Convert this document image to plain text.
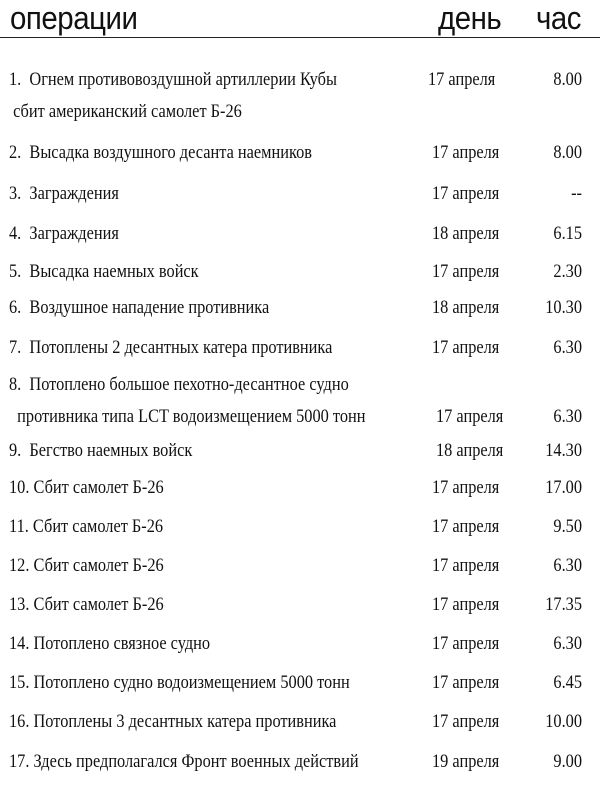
операции	день час
1.  Огнем противовоздушной артиллерии Кубы
сбит американский самолет Б-26
17 апреля	8.00
2.  Высадка воздушного десанта наемников	17 апреля	8.00
3.  Заграждения	17 апреля	--
4.  Заграждения	18 апреля	6.15
5.  Высадка наемных войск	17 апреля	2.30
6.  Воздушное нападение противника	18 апреля	10.30
7.  Потоплены 2 десантных катера противника	17 апреля	6.30
8.  Потоплено большое пехотно-десантное судно
противника типа LCT водоизмещением 5000 тонн	17 апреля	6.30
9.  Бегство наемных войск	18 апреля	14.30
10. Сбит самолет Б-26	17 апреля	17.00
11. Сбит самолет Б-26	17 апреля	9.50
12. Сбит самолет Б-26	17 апреля	6.30
13. Сбит самолет Б-26	17 апреля	17.35
14. Потоплено связное судно	17 апреля	6.30
15. Потоплено судно водоизмещением 5000 тонн	17 апреля	6.45
16. Потоплены 3 десантных катера противника	17 апреля	10.00
17. Здесь предполагался Фронт военных действий	19 апреля	9.00
